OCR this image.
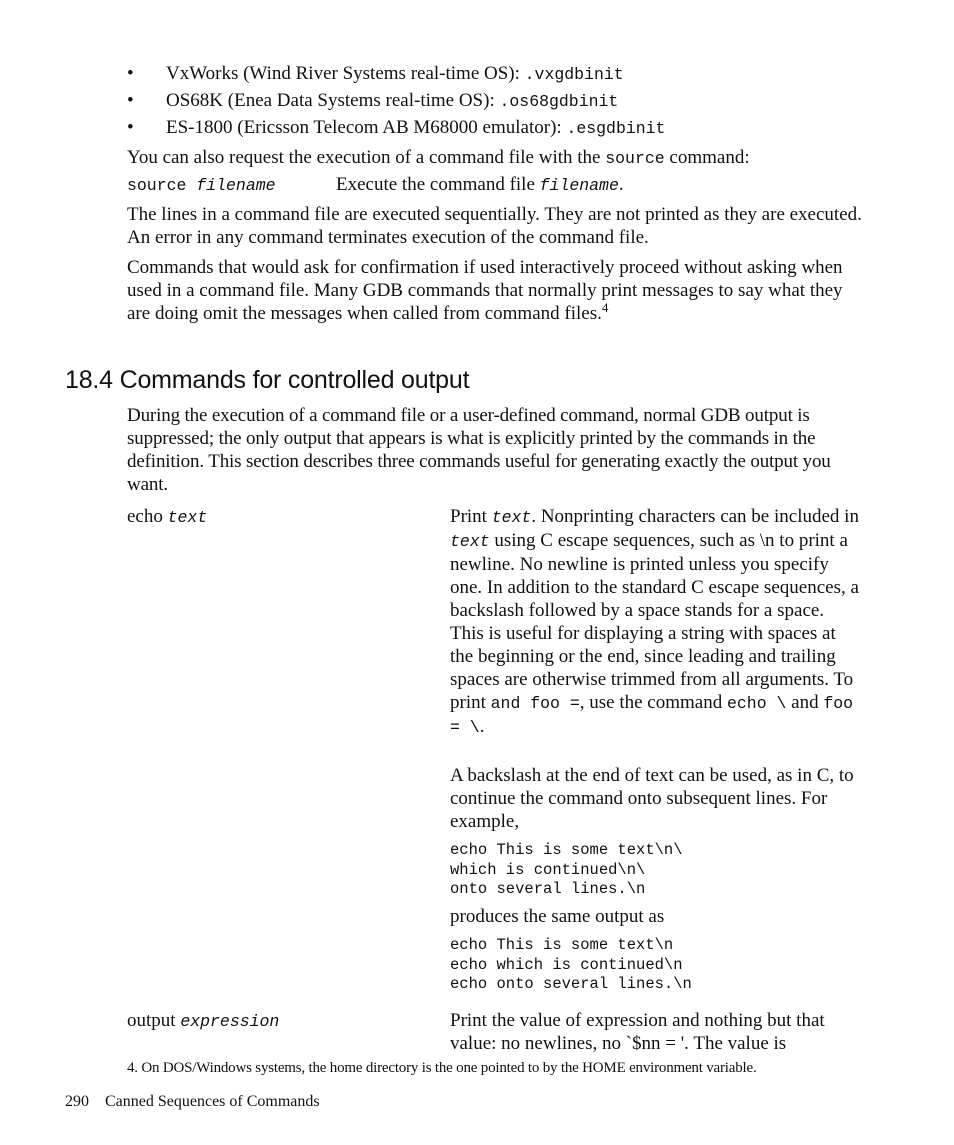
• VxWorks (Wind River Systems real-time OS): .vxgdbinit
• OS68K (Enea Data Systems real-time OS): .os68gdbinit
• ES-1800 (Ericsson Telecom AB M68000 emulator): .esgdbinit

You can also request the execution of a command file with the source command:

source filename	Execute the command file filename.

The lines in a command file are executed sequentially. They are not printed as they are executed. An error in any command terminates execution of the command file.

Commands that would ask for confirmation if used interactively proceed without asking when used in a command file. Many GDB commands that normally print messages to say what they are doing omit the messages when called from command files.$^4$

18.4 Commands for controlled output

During the execution of a command file or a user-defined command, normal GDB output is suppressed; the only output that appears is what is explicitly printed by the commands in the definition. This section describes three commands useful for generating exactly the output you want.

echo text	Print text. Nonprinting characters can be included in text using C escape sequences, such as \n to print a newline. No newline is printed unless you specify one. In addition to the standard C escape sequences, a backslash followed by a space stands for a space. This is useful for displaying a string with spaces at the beginning or the end, since leading and trailing spaces are otherwise trimmed from all arguments. To print and foo =, use the command echo \ and foo = \.

A backslash at the end of text can be used, as in C, to continue the command onto subsequent lines. For example,

echo This is some text\n\
which is continued\n\
onto several lines.\n

produces the same output as

echo This is some text\n
echo which is continued\n
echo onto several lines.\n
output expression	Print the value of expression and nothing but that value: no newlines, no `$nn = '. The value is

4. On DOS/Windows systems, the home directory is the one pointed to by the HOME environment variable.
290 Canned Sequences of Commands
